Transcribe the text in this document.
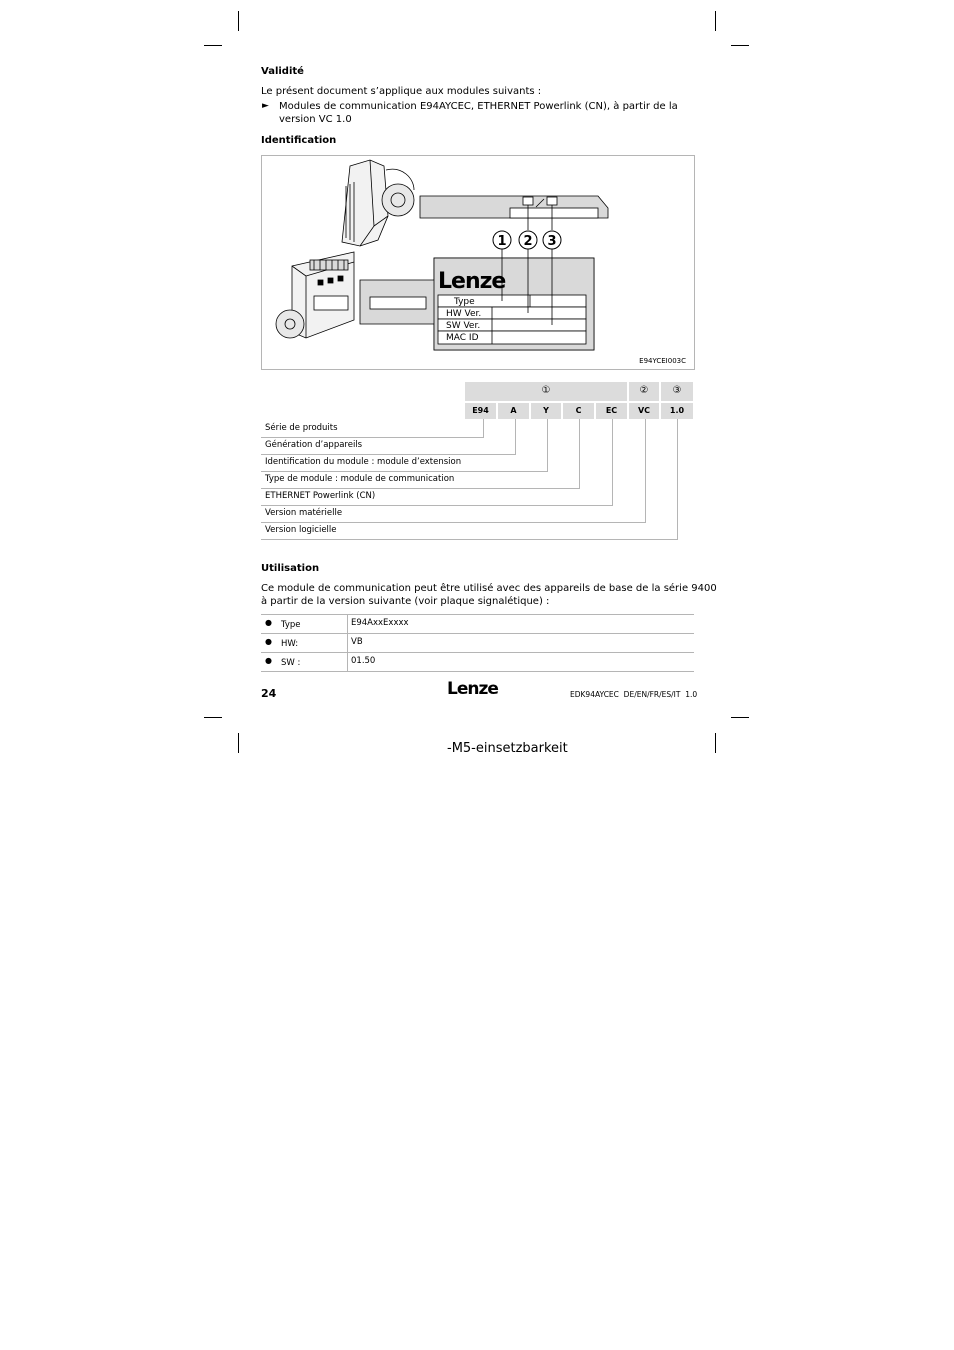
Validité
Le présent document s’applique aux modules suivants :
► Modules de communication E94AYCEC, ETHERNET Powerlink (CN), à partir de la
version VC 1.0
Identification
Lenze
Type
HW Ver.
SW Ver.
MAC ID
1 2 3
E94YCEI003C
①	②	③
E94	A	Y	C	EC	VC	1.0
Série de produits
Génération d’appareils
Identification du module : module d’extension
Type de module : module de communication
ETHERNET Powerlink (CN)
Version matérielle
Version logicielle
Utilisation
Ce module de communication peut être utilisé avec des appareils de base de la série 9400
à partir de la version suivante (voir plaque signalétique) :
● Type	E94AxxExxxx
● HW:	VB
● SW :	01.50
24	Lenze	EDK94AYCEC  DE/EN/FR/ES/IT  1.0
-M5-einsetzbarkeit
